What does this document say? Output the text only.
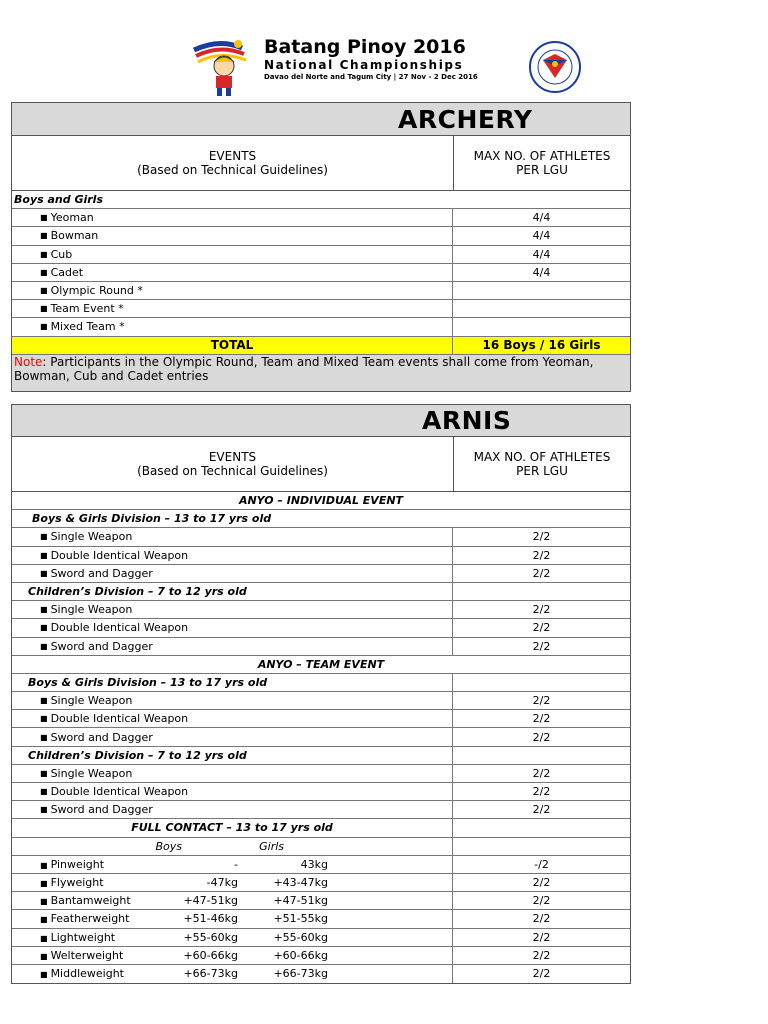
Batang Pinoy 2016
National Championships
Davao del Norte and Tagum City | 27 Nov - 2 Dec 2016
ARCHERY
EVENTS
(Based on Technical Guidelines)
MAX NO. OF ATHLETES
PER LGU
Boys and Girls
■ Yeoman	4/4
■ Bowman	4/4
■ Cub	4/4
■ Cadet	4/4
■ Olympic Round *
■ Team Event *
■ Mixed Team *
TOTAL	16 Boys / 16 Girls
Note: Participants in the Olympic Round, Team and Mixed Team events shall come from Yeoman, Bowman, Cub and Cadet entries
ARNIS
EVENTS
(Based on Technical Guidelines)
MAX NO. OF ATHLETES
PER LGU
ANYO – INDIVIDUAL EVENT
Boys & Girls Division – 13 to 17 yrs old
■ Single Weapon	2/2
■ Double Identical Weapon	2/2
■ Sword and Dagger	2/2
Children’s Division – 7 to 12 yrs old
■ Single Weapon	2/2
■ Double Identical Weapon	2/2
■ Sword and Dagger	2/2
ANYO – TEAM EVENT
Boys & Girls Division – 13 to 17 yrs old
■ Single Weapon	2/2
■ Double Identical Weapon	2/2
■ Sword and Dagger	2/2
Children’s Division – 7 to 12 yrs old
■ Single Weapon	2/2
■ Double Identical Weapon	2/2
■ Sword and Dagger	2/2
FULL CONTACT – 13 to 17 yrs old
Boys	Girls
■ Pinweight	-	43kg	-/2
■ Flyweight	-47kg	+43-47kg	2/2
■ Bantamweight	+47-51kg	+47-51kg	2/2
■ Featherweight	+51-46kg	+51-55kg	2/2
■ Lightweight	+55-60kg	+55-60kg	2/2
■ Welterweight	+60-66kg	+60-66kg	2/2
■ Middleweight	+66-73kg	+66-73kg	2/2
